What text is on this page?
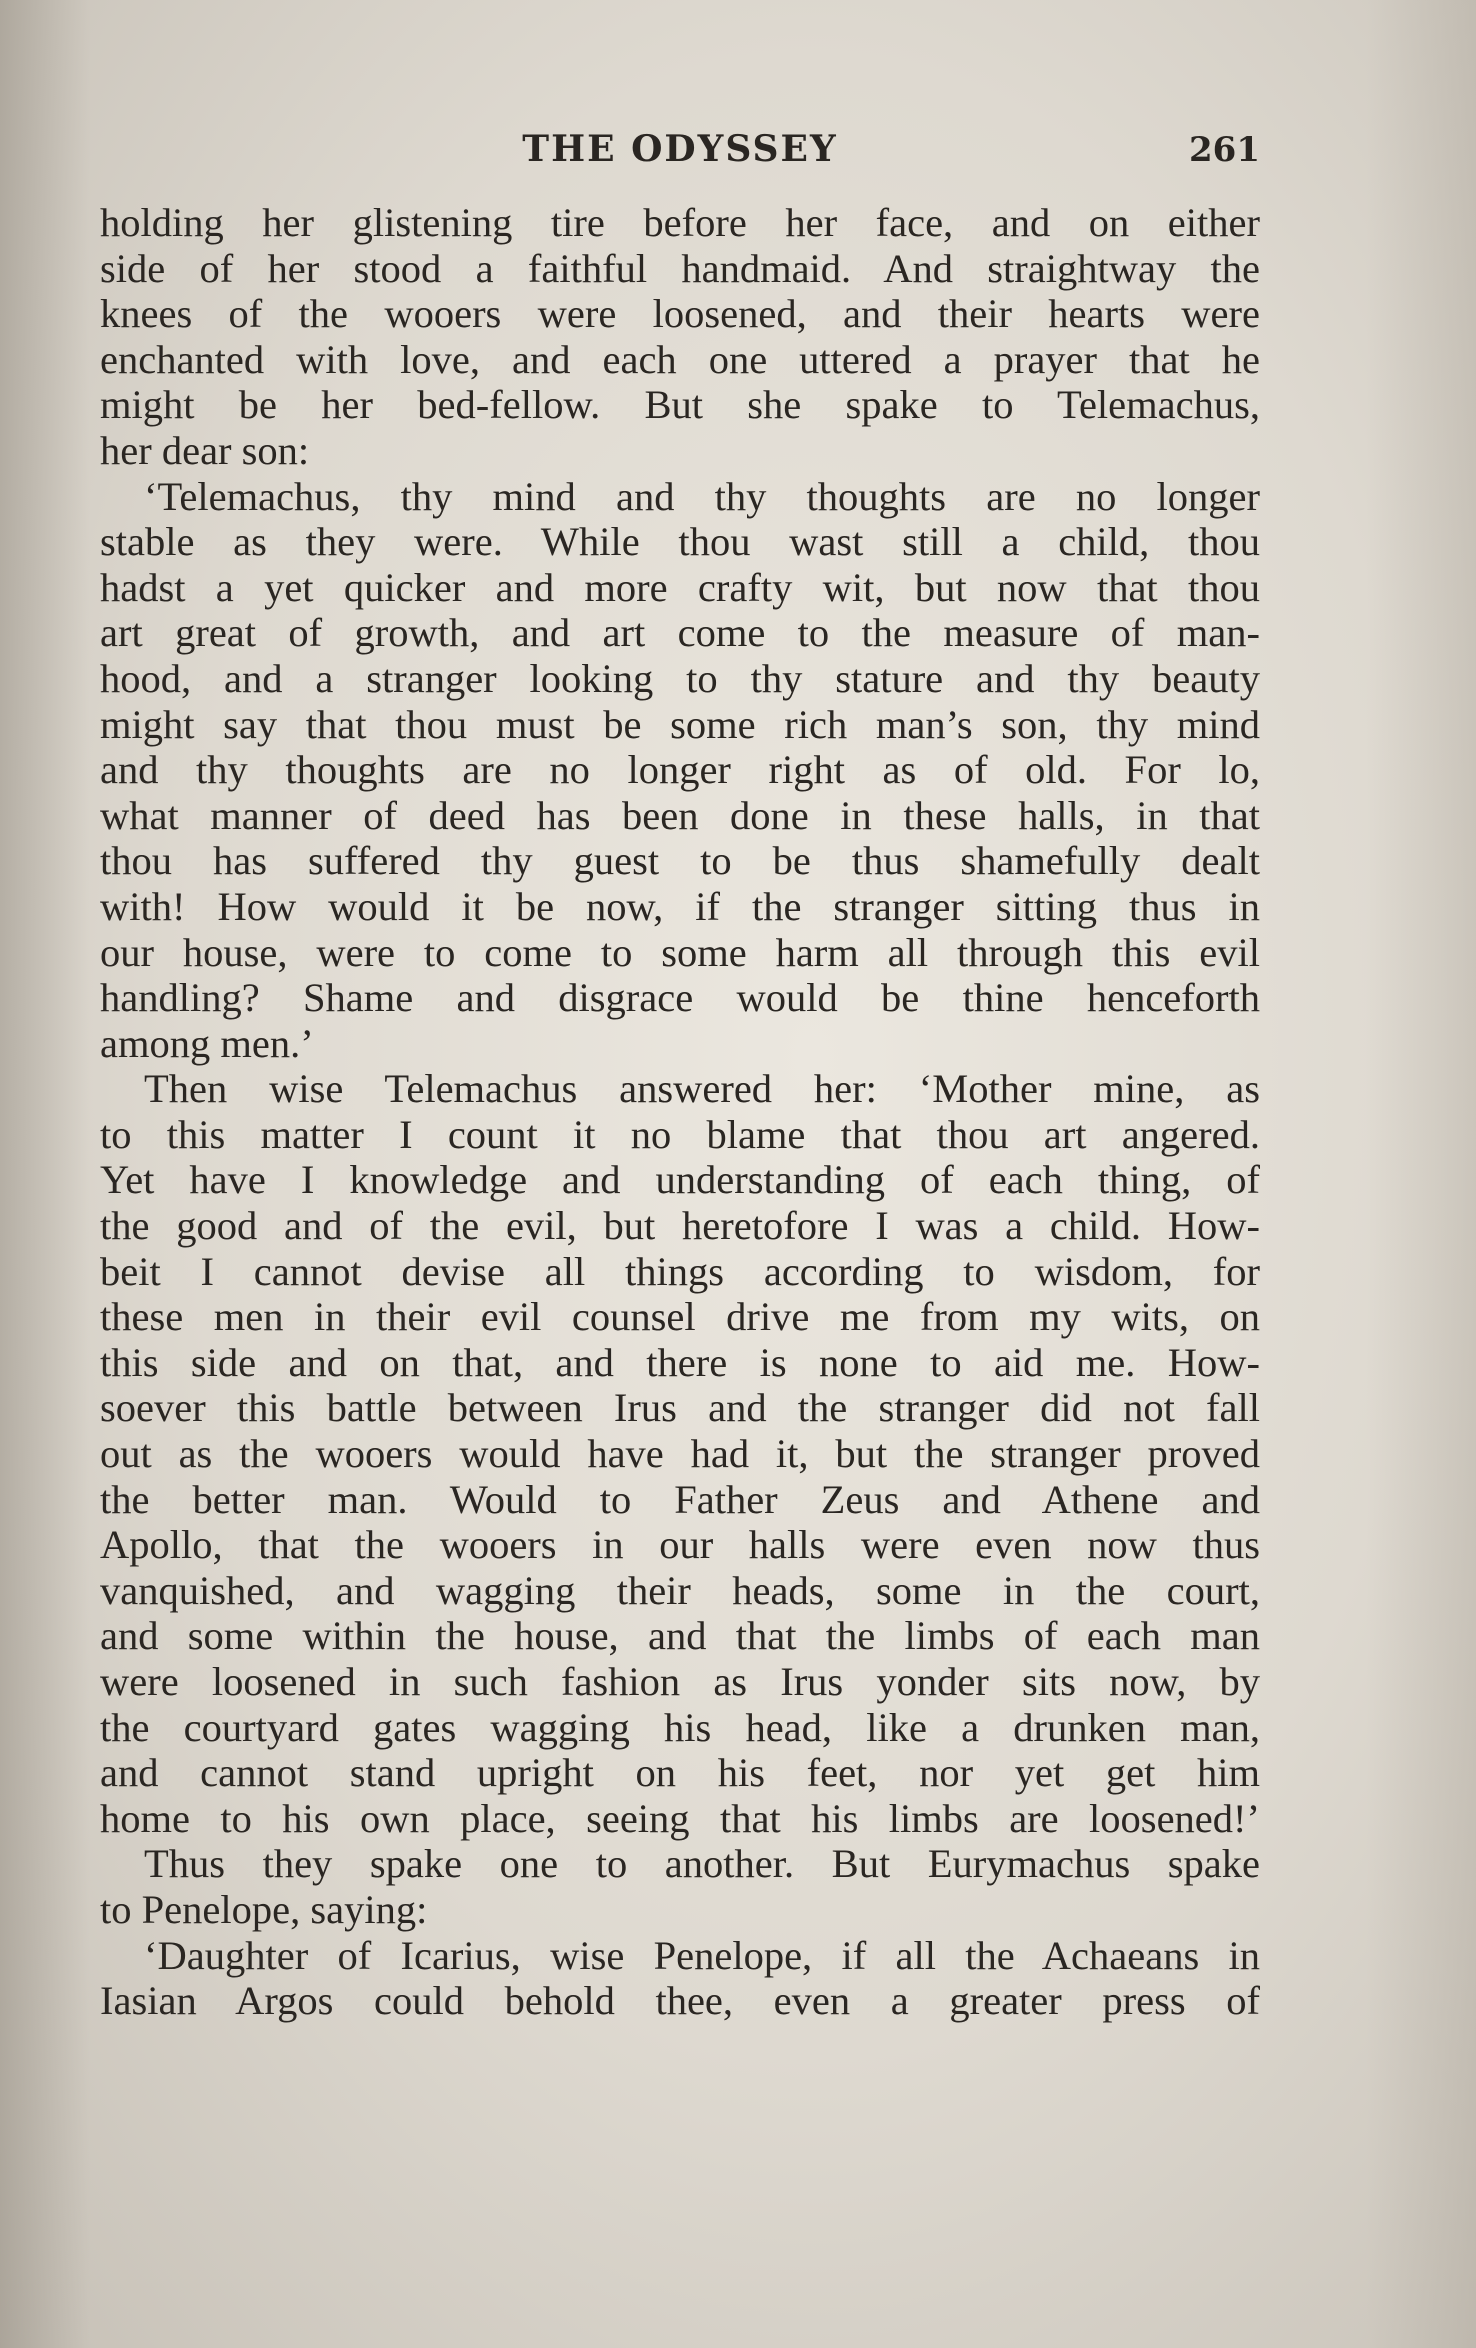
THE ODYSSEY	261
holding her glistening tire before her face, and on either
side of her stood a faithful handmaid. And straightway the
knees of the wooers were loosened, and their hearts were
enchanted with love, and each one uttered a prayer that he
might be her bed-fellow. But she spake to Telemachus,
her dear son:
‘Telemachus, thy mind and thy thoughts are no longer
stable as they were. While thou wast still a child, thou
hadst a yet quicker and more crafty wit, but now that thou
art great of growth, and art come to the measure of man-
hood, and a stranger looking to thy stature and thy beauty
might say that thou must be some rich man’s son, thy mind
and thy thoughts are no longer right as of old. For lo,
what manner of deed has been done in these halls, in that
thou has suffered thy guest to be thus shamefully dealt
with! How would it be now, if the stranger sitting thus in
our house, were to come to some harm all through this evil
handling? Shame and disgrace would be thine henceforth
among men.’
Then wise Telemachus answered her: ‘Mother mine, as
to this matter I count it no blame that thou art angered.
Yet have I knowledge and understanding of each thing, of
the good and of the evil, but heretofore I was a child. How-
beit I cannot devise all things according to wisdom, for
these men in their evil counsel drive me from my wits, on
this side and on that, and there is none to aid me. How-
soever this battle between Irus and the stranger did not fall
out as the wooers would have had it, but the stranger proved
the better man. Would to Father Zeus and Athene and
Apollo, that the wooers in our halls were even now thus
vanquished, and wagging their heads, some in the court,
and some within the house, and that the limbs of each man
were loosened in such fashion as Irus yonder sits now, by
the courtyard gates wagging his head, like a drunken man,
and cannot stand upright on his feet, nor yet get him
home to his own place, seeing that his limbs are loosened!’
Thus they spake one to another. But Eurymachus spake
to Penelope, saying:
‘Daughter of Icarius, wise Penelope, if all the Achaeans in
Iasian Argos could behold thee, even a greater press of
